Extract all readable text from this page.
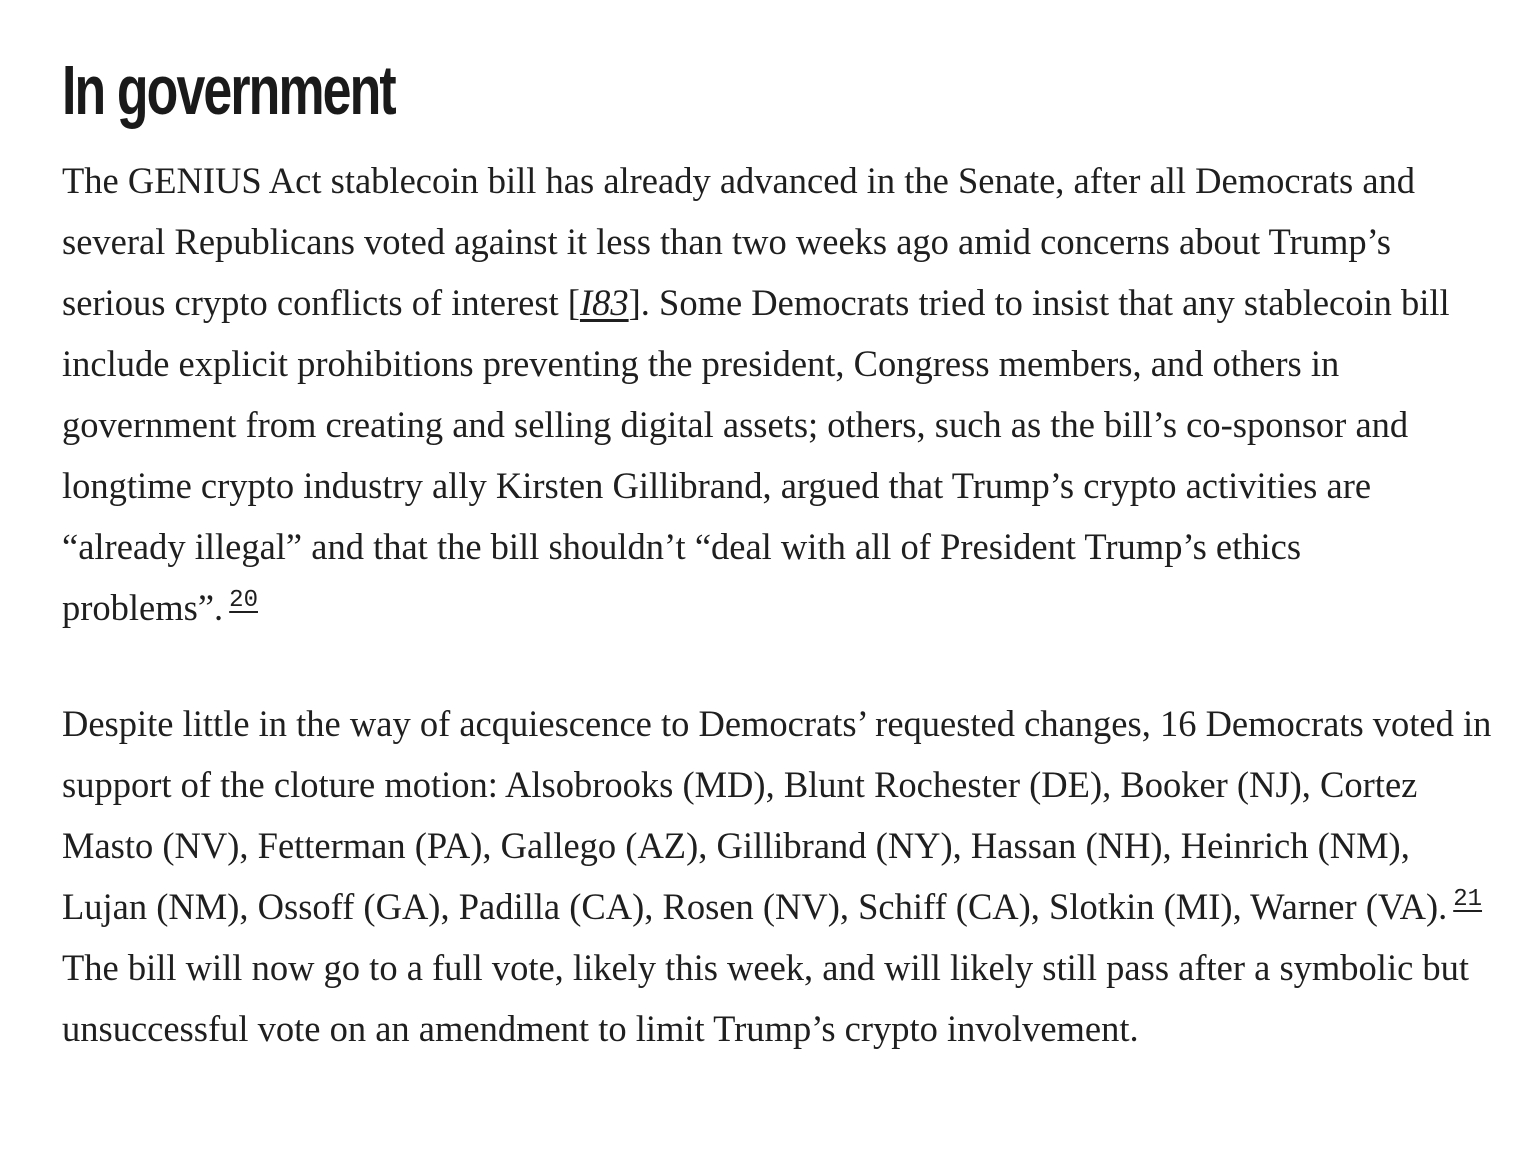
In government

The GENIUS Act stablecoin bill has already advanced in the Senate, after all Democrats and several Republicans voted against it less than two weeks ago amid concerns about Trump’s serious crypto conflicts of interest [I83]. Some Democrats tried to insist that any stablecoin bill include explicit prohibitions preventing the president, Congress members, and others in government from creating and selling digital assets; others, such as the bill’s co-sponsor and longtime crypto industry ally Kirsten Gillibrand, argued that Trump’s crypto activities are “already illegal” and that the bill shouldn’t “deal with all of President Trump’s ethics problems”. $^{20}$

Despite little in the way of acquiescence to Democrats’ requested changes, 16 Democrats voted in support of the cloture motion: Alsobrooks (MD), Blunt Rochester (DE), Booker (NJ), Cortez Masto (NV), Fetterman (PA), Gallego (AZ), Gillibrand (NY), Hassan (NH), Heinrich (NM), Lujan (NM), Ossoff (GA), Padilla (CA), Rosen (NV), Schiff (CA), Slotkin (MI), Warner (VA). $^{21}$ The bill will now go to a full vote, likely this week, and will likely still pass after a symbolic but unsuccessful vote on an amendment to limit Trump’s crypto involvement.
